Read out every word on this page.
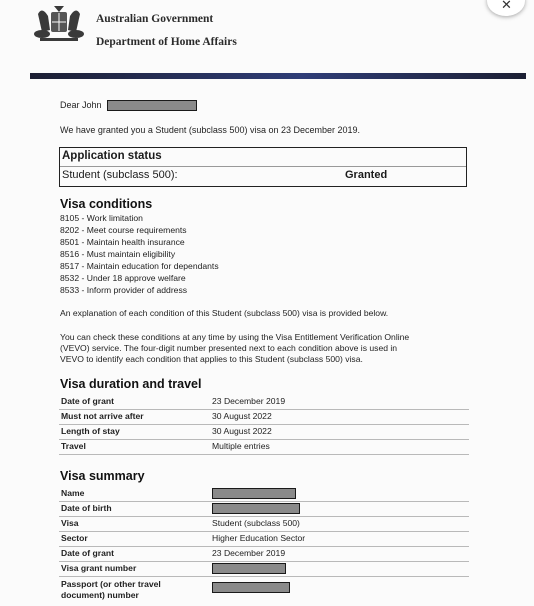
Australian Government
Department of Home Affairs
✕
Dear John
We have granted you a Student (subclass 500) visa on 23 December 2019.
Application status
Student (subclass 500):	Granted
Visa conditions
8105 - Work limitation
8202 - Meet course requirements
8501 - Maintain health insurance
8516 - Must maintain eligibility
8517 - Maintain education for dependants
8532 - Under 18 approve welfare
8533 - Inform provider of address
An explanation of each condition of this Student (subclass 500) visa is provided below.
You can check these conditions at any time by using the Visa Entitlement Verification Online
(VEVO) service. The four-digit number presented next to each condition above is used in
VEVO to identify each condition that applies to this Student (subclass 500) visa.
Visa duration and travel
Date of grant	23 December 2019
Must not arrive after	30 August 2022
Length of stay	30 August 2022
Travel	Multiple entries
Visa summary
Name
Date of birth
Visa	Student (subclass 500)
Sector	Higher Education Sector
Date of grant	23 December 2019
Visa grant number
Passport (or other travel
document) number
